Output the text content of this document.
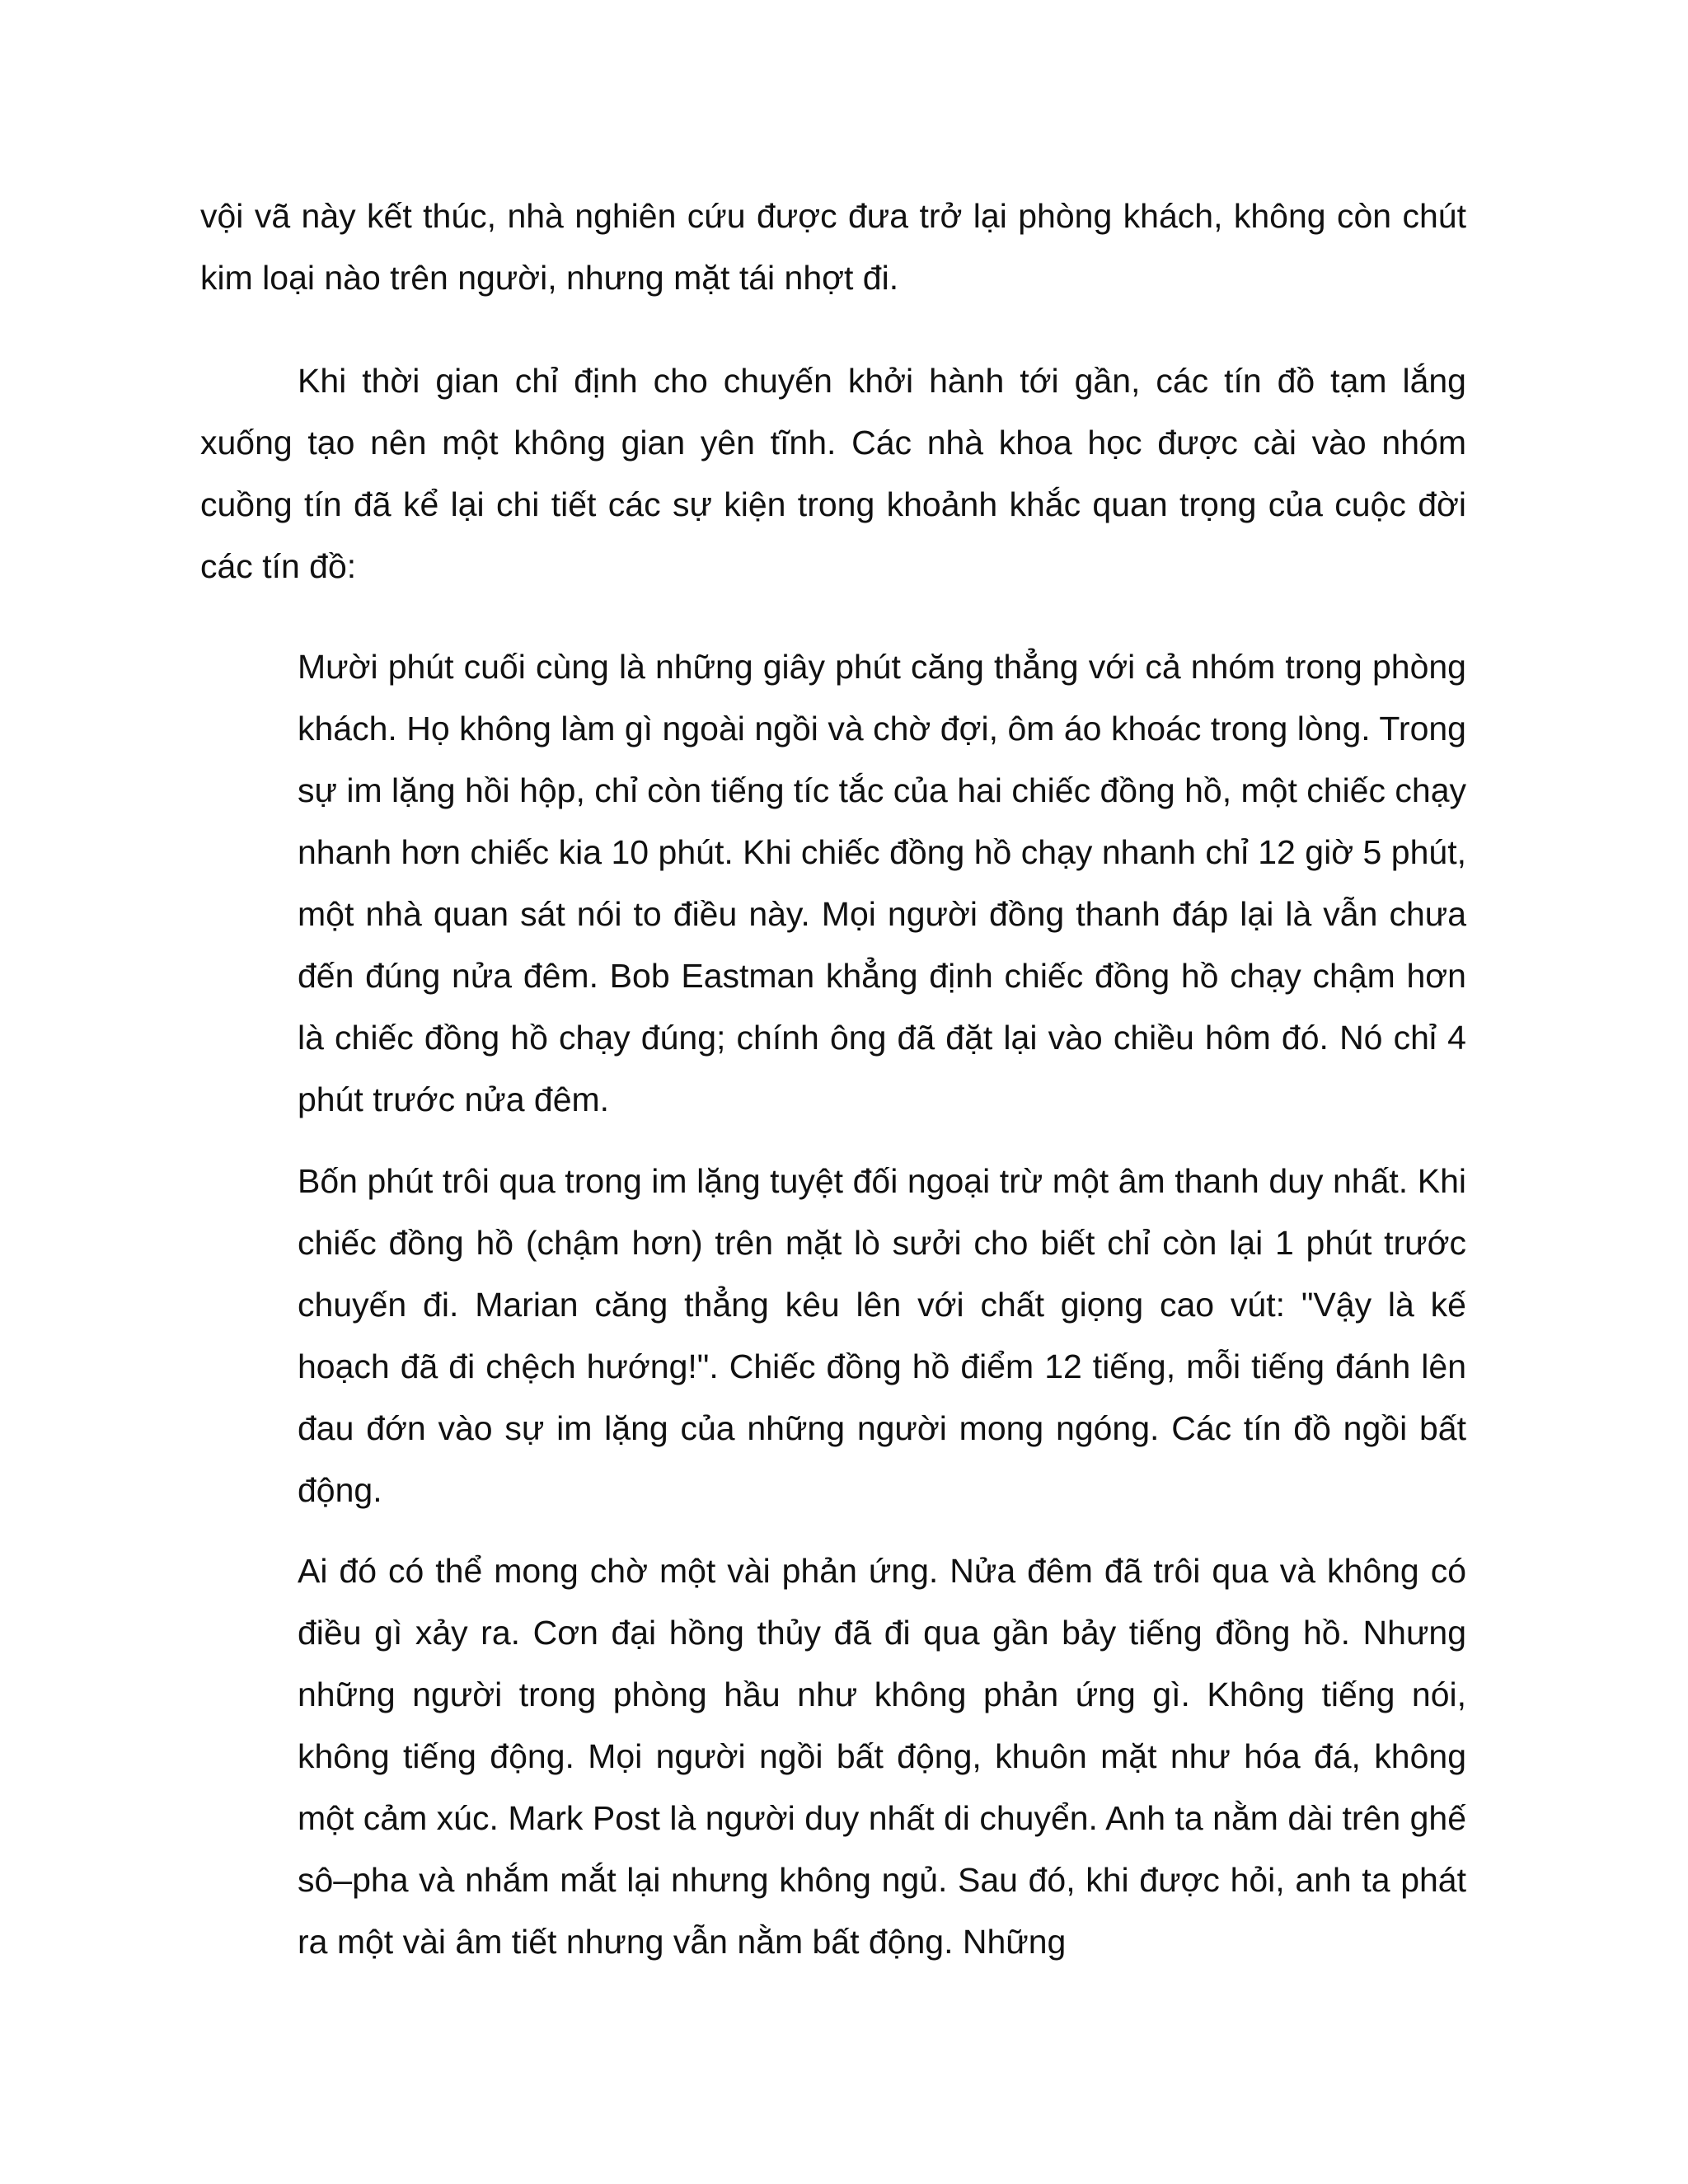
vội vã này kết thúc, nhà nghiên cứu được đưa trở lại phòng khách, không còn chút kim loại nào trên người, nhưng mặt tái nhợt đi.

Khi thời gian chỉ định cho chuyến khởi hành tới gần, các tín đồ tạm lắng xuống tạo nên một không gian yên tĩnh. Các nhà khoa học được cài vào nhóm cuồng tín đã kể lại chi tiết các sự kiện trong khoảnh khắc quan trọng của cuộc đời các tín đồ:

Mười phút cuối cùng là những giây phút căng thẳng với cả nhóm trong phòng khách. Họ không làm gì ngoài ngồi và chờ đợi, ôm áo khoác trong lòng. Trong sự im lặng hồi hộp, chỉ còn tiếng tíc tắc của hai chiếc đồng hồ, một chiếc chạy nhanh hơn chiếc kia 10 phút. Khi chiếc đồng hồ chạy nhanh chỉ 12 giờ 5 phút, một nhà quan sát nói to điều này. Mọi người đồng thanh đáp lại là vẫn chưa đến đúng nửa đêm. Bob Eastman khẳng định chiếc đồng hồ chạy chậm hơn là chiếc đồng hồ chạy đúng; chính ông đã đặt lại vào chiều hôm đó. Nó chỉ 4 phút trước nửa đêm.

Bốn phút trôi qua trong im lặng tuyệt đối ngoại trừ một âm thanh duy nhất. Khi chiếc đồng hồ (chậm hơn) trên mặt lò sưởi cho biết chỉ còn lại 1 phút trước chuyến đi. Marian căng thẳng kêu lên với chất giọng cao vút: "Vậy là kế hoạch đã đi chệch hướng!". Chiếc đồng hồ điểm 12 tiếng, mỗi tiếng đánh lên đau đớn vào sự im lặng của những người mong ngóng. Các tín đồ ngồi bất động.

Ai đó có thể mong chờ một vài phản ứng. Nửa đêm đã trôi qua và không có điều gì xảy ra. Cơn đại hồng thủy đã đi qua gần bảy tiếng đồng hồ. Nhưng những người trong phòng hầu như không phản ứng gì. Không tiếng nói, không tiếng động. Mọi người ngồi bất động, khuôn mặt như hóa đá, không một cảm xúc. Mark Post là người duy nhất di chuyển. Anh ta nằm dài trên ghế sô–pha và nhắm mắt lại nhưng không ngủ. Sau đó, khi được hỏi, anh ta phát ra một vài âm tiết nhưng vẫn nằm bất động. Những
